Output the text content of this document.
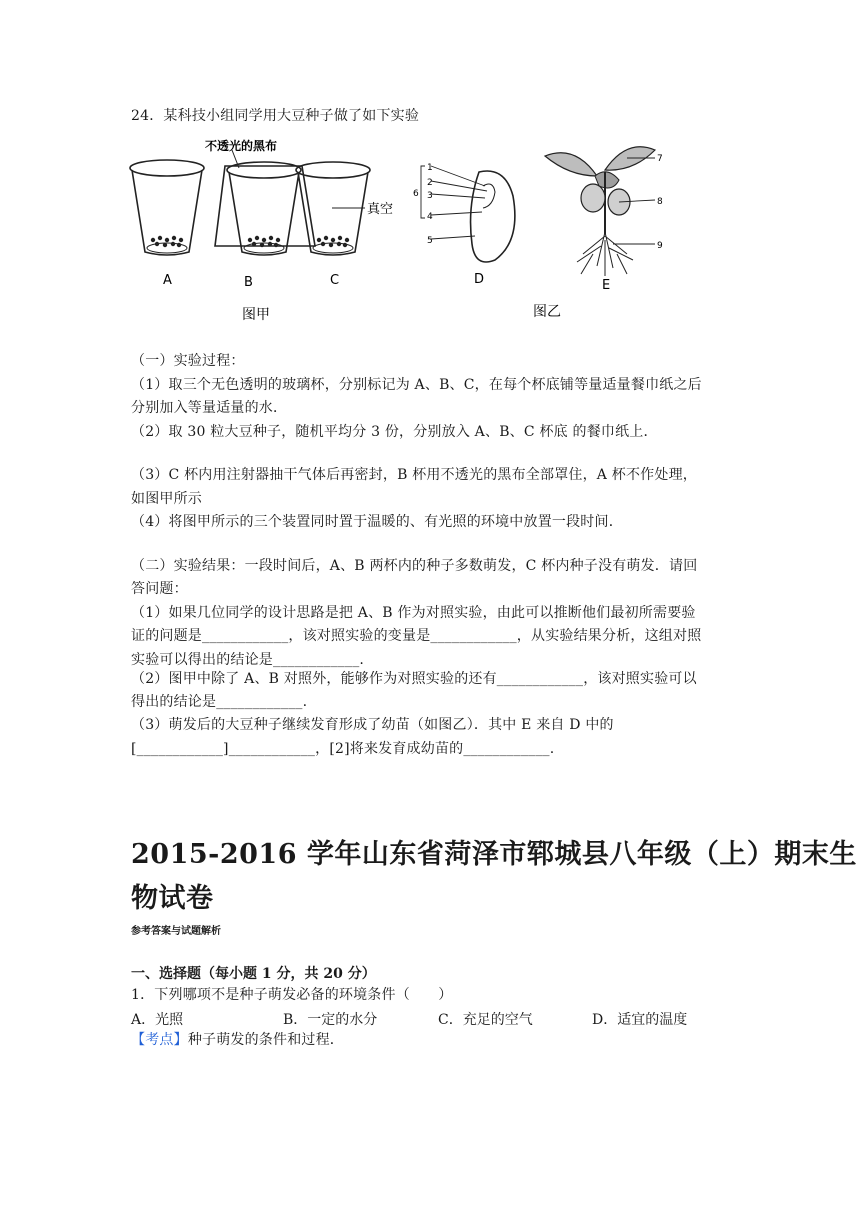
24．某科技小组同学用大豆种子做了如下实验
不透光的黑布
真空
A	B	C
图甲
1
2
3
4
5
6
D
7
8
9
E
图乙
（一）实验过程：
（1）取三个无色透明的玻璃杯，分别标记为 A、B、C，在每个杯底铺等量适量餐巾纸之后
分别加入等量适量的水．
（2）取 30 粒大豆种子，随机平均分 3 份，分别放入 A、B、C 杯底 的餐巾纸上．
（3）C 杯内用注射器抽干气体后再密封，B 杯用不透光的黑布全部罩住，A 杯不作处理，
如图甲所示
（4）将图甲所示的三个装置同时置于温暖的、有光照的环境中放置一段时间．
（二）实验结果：一段时间后，A、B 两杯内的种子多数萌发，C 杯内种子没有萌发．请回
答问题：
（1）如果几位同学的设计思路是把 A、B 作为对照实验，由此可以推断他们最初所需要验
证的问题是____________，该对照实验的变量是____________，从实验结果分析，这组对照
实验可以得出的结论是____________.
（2）图甲中除了 A、B 对照外，能够作为对照实验的还有____________，该对照实验可以
得出的结论是____________.
（3）萌发后的大豆种子继续发育形成了幼苗（如图乙）．其中 E 来自 D 中的
[____________]____________，[2]将来发育成幼苗的____________.
2015-2016 学年山东省菏泽市郓城县八年级（上）期末生
物试卷
参考答案与试题解析
一、选择题（每小题 1 分，共 20 分）
1．下列哪项不是种子萌发必备的环境条件（　　）
A．光照	B．一定的水分	C．充足的空气	D．适宜的温度
【考点】种子萌发的条件和过程．
